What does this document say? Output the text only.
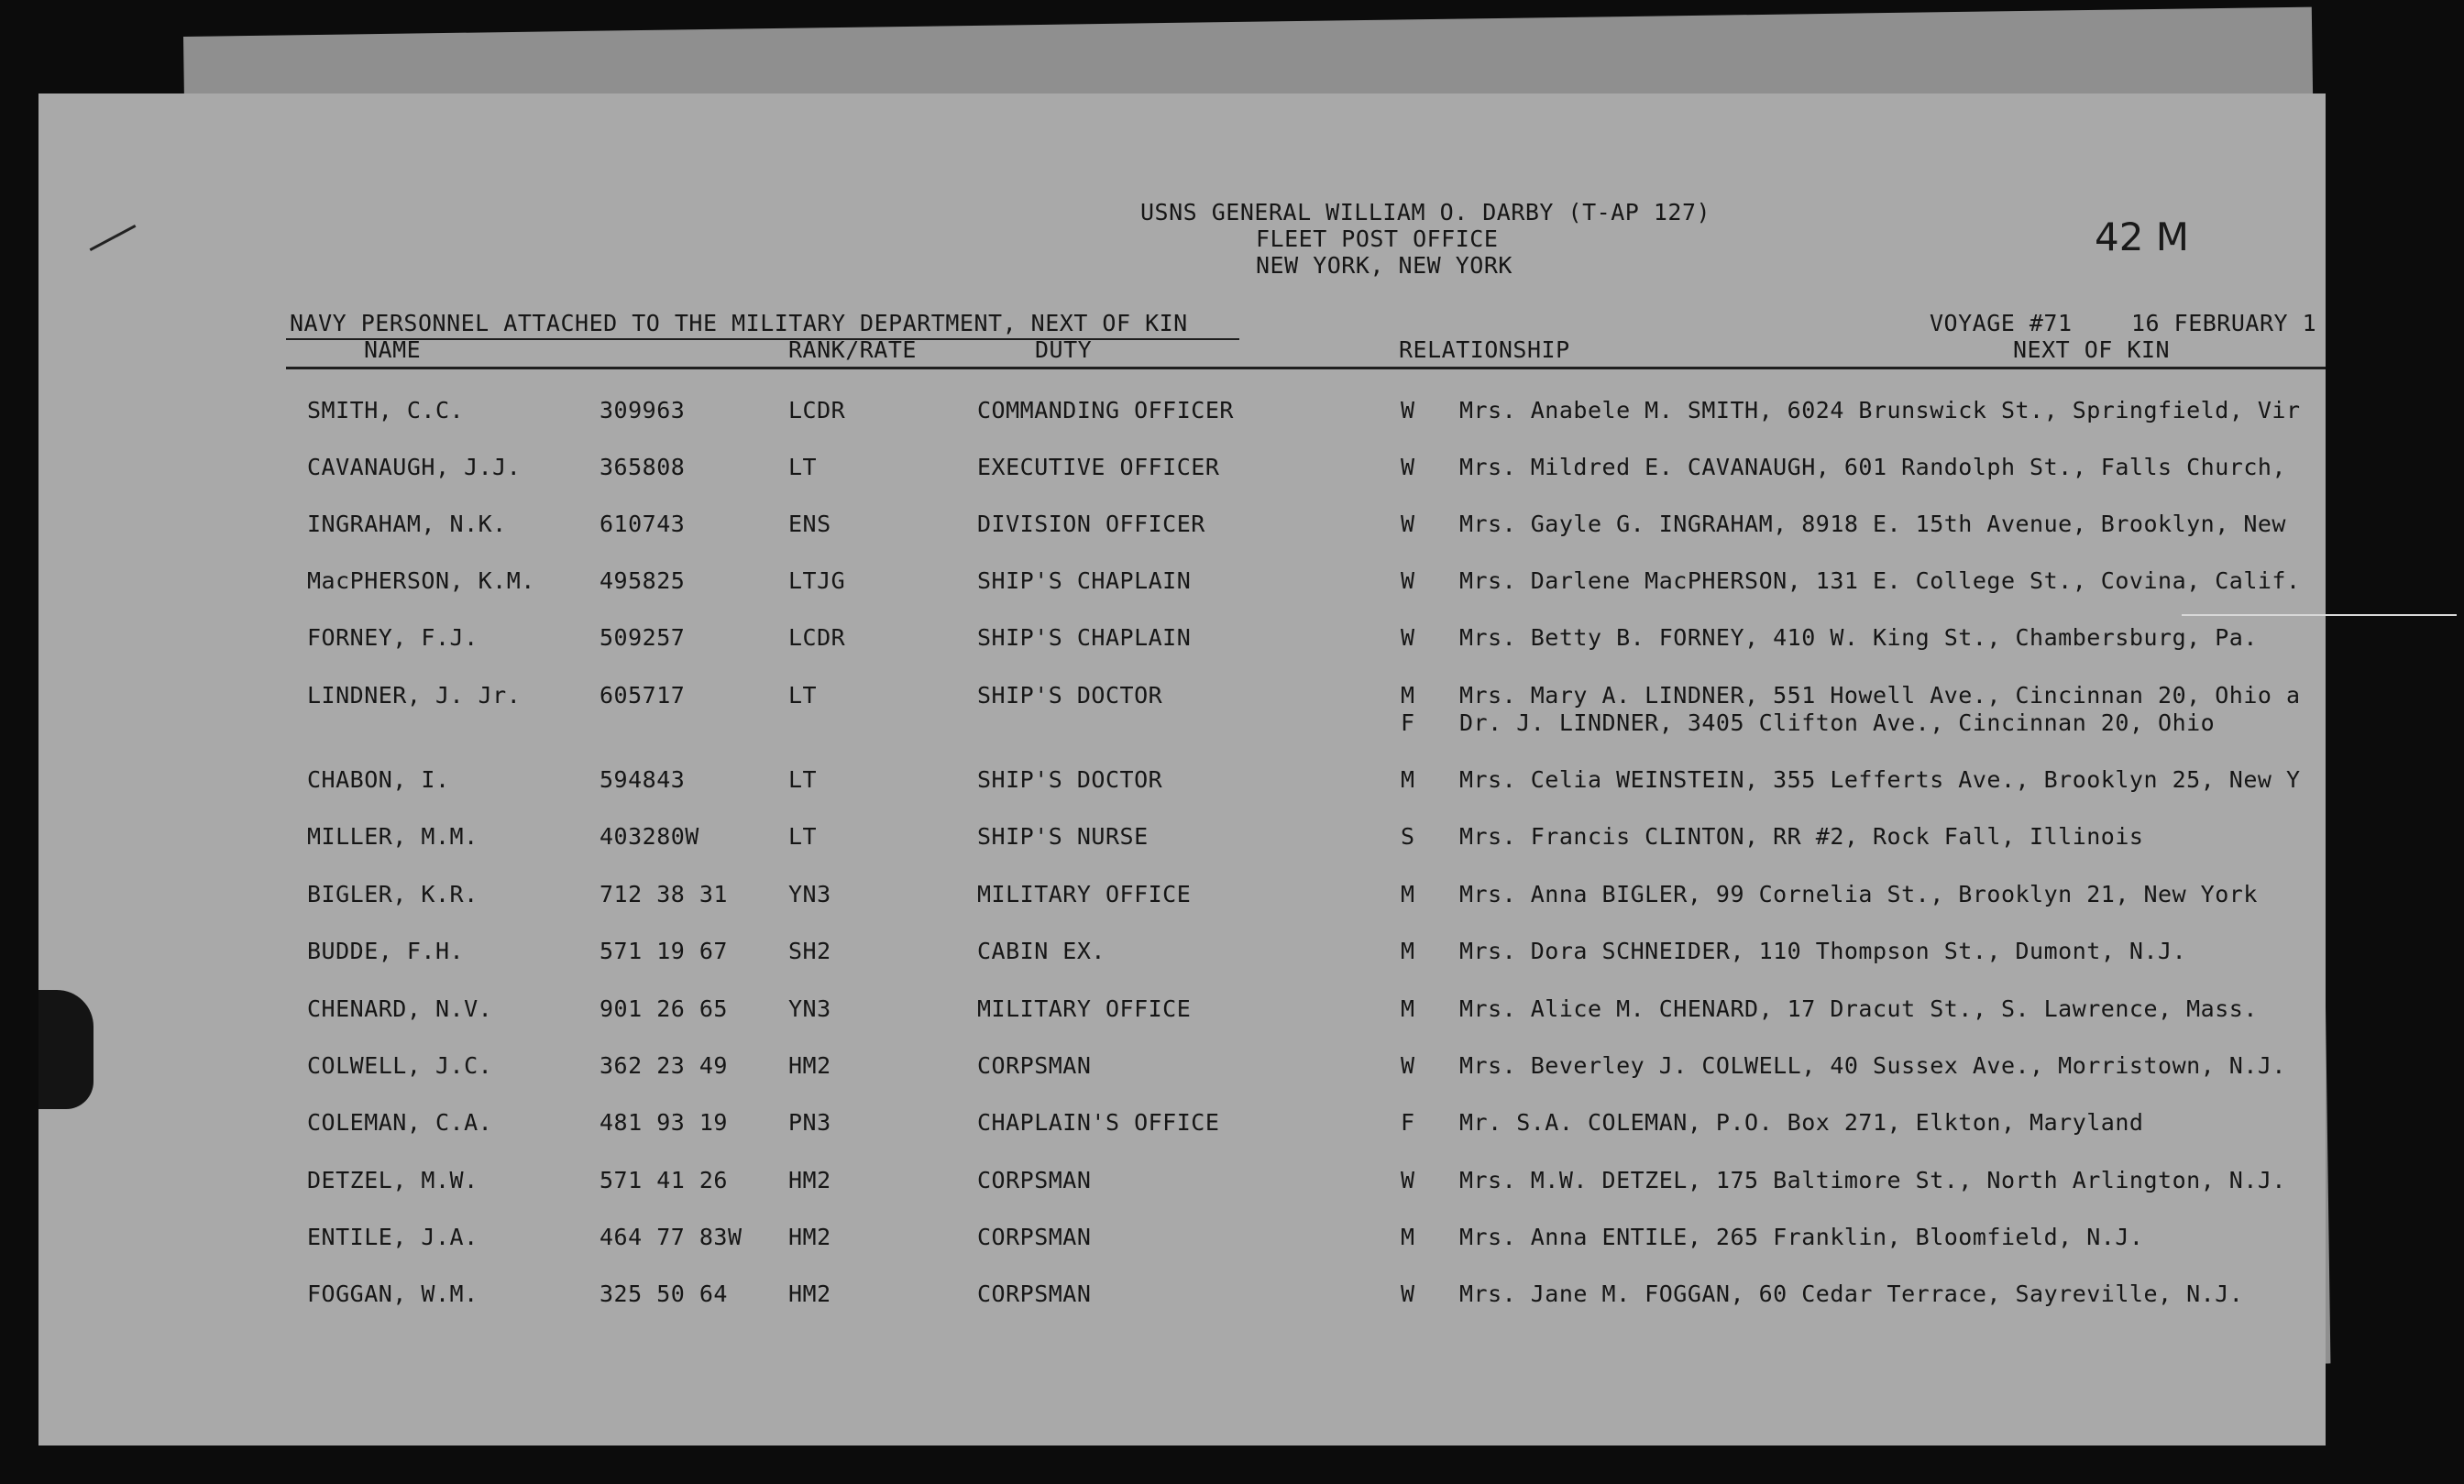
USNS GENERAL WILLIAM O. DARBY (T-AP 127)
FLEET POST OFFICE
NEW YORK, NEW YORK
42 M
NAVY PERSONNEL ATTACHED TO THE MILITARY DEPARTMENT, NEXT OF KIN	VOYAGE #71	16 FEBRUARY 1
NAME	RANK/RATE	DUTY	RELATIONSHIP	NEXT OF KIN
SMITH, C.C.	309963	LCDR	COMMANDING OFFICER	W Mrs. Anabele M. SMITH, 6024 Brunswick St., Springfield, Vir
CAVANAUGH, J.J.	365808	LT	EXECUTIVE OFFICER	W Mrs. Mildred E. CAVANAUGH, 601 Randolph St., Falls Church,
INGRAHAM, N.K.	610743	ENS	DIVISION OFFICER	W Mrs. Gayle G. INGRAHAM, 8918 E. 15th Avenue, Brooklyn, New
MacPHERSON, K.M.	495825	LTJG	SHIP'S CHAPLAIN	W Mrs. Darlene MacPHERSON, 131 E. College St., Covina, Calif.
FORNEY, F.J.	509257	LCDR	SHIP'S CHAPLAIN	W Mrs. Betty B. FORNEY, 410 W. King St., Chambersburg, Pa.
LINDNER, J. Jr.	605717	LT	SHIP'S DOCTOR	M Mrs. Mary A. LINDNER, 551 Howell Ave., Cincinnan 20, Ohio a
F Dr. J. LINDNER, 3405 Clifton Ave., Cincinnan 20, Ohio
CHABON, I.	594843	LT	SHIP'S DOCTOR	M Mrs. Celia WEINSTEIN, 355 Lefferts Ave., Brooklyn 25, New Y
MILLER, M.M.	403280W	LT	SHIP'S NURSE	S Mrs. Francis CLINTON, RR #2, Rock Fall, Illinois
BIGLER, K.R.	712 38 31	YN3	MILITARY OFFICE	M Mrs. Anna BIGLER, 99 Cornelia St., Brooklyn 21, New York
BUDDE, F.H.	571 19 67	SH2	CABIN EX.	M Mrs. Dora SCHNEIDER, 110 Thompson St., Dumont, N.J.
CHENARD, N.V.	901 26 65	YN3	MILITARY OFFICE	M Mrs. Alice M. CHENARD, 17 Dracut St., S. Lawrence, Mass.
COLWELL, J.C.	362 23 49	HM2	CORPSMAN	W Mrs. Beverley J. COLWELL, 40 Sussex Ave., Morristown, N.J.
COLEMAN, C.A.	481 93 19	PN3	CHAPLAIN'S OFFICE	F Mr. S.A. COLEMAN, P.O. Box 271, Elkton, Maryland
DETZEL, M.W.	571 41 26	HM2	CORPSMAN	W Mrs. M.W. DETZEL, 175 Baltimore St., North Arlington, N.J.
ENTILE, J.A.	464 77 83W HM2	CORPSMAN	M Mrs. Anna ENTILE, 265 Franklin, Bloomfield, N.J.
FOGGAN, W.M.	325 50 64	HM2	CORPSMAN	W Mrs. Jane M. FOGGAN, 60 Cedar Terrace, Sayreville, N.J.
